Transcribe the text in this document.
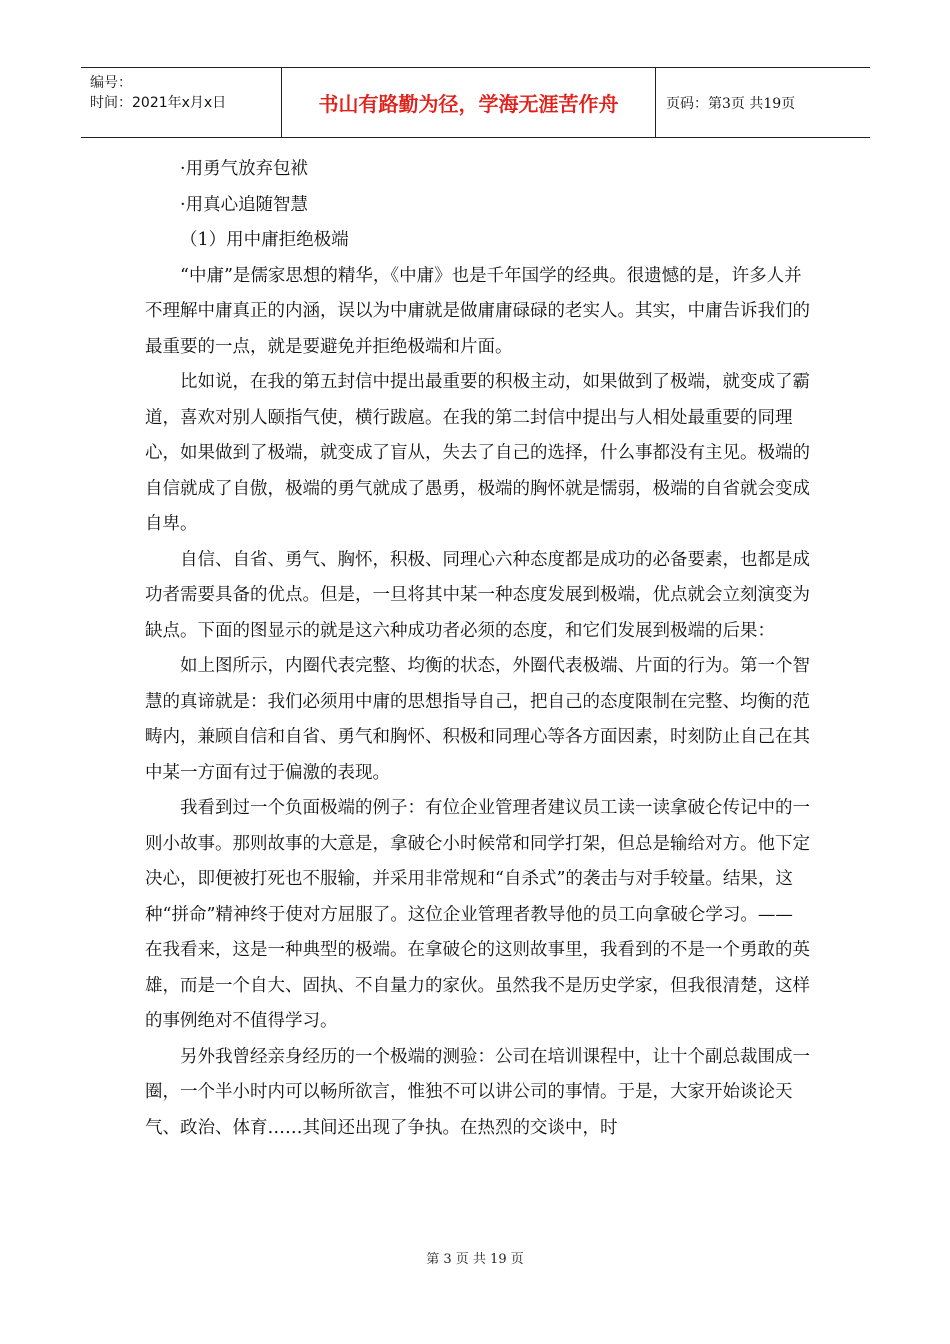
编号：
时间：2021年x月x日	书山有路勤为径，学海无涯苦作舟	页码：第3页 共19页

·用勇气放弃包袱

·用真心追随智慧

（1）用中庸拒绝极端

“中庸”是儒家思想的精华，《中庸》也是千年国学的经典。很遗憾的是，许多人并不理解中庸真正的内涵，误以为中庸就是做庸庸碌碌的老实人。其实，中庸告诉我们的最重要的一点，就是要避免并拒绝极端和片面。

比如说，在我的第五封信中提出最重要的积极主动，如果做到了极端，就变成了霸道，喜欢对别人颐指气使，横行跋扈。在我的第二封信中提出与人相处最重要的同理心，如果做到了极端，就变成了盲从，失去了自己的选择，什么事都没有主见。极端的自信就成了自傲，极端的勇气就成了愚勇，极端的胸怀就是懦弱，极端的自省就会变成自卑。

自信、自省、勇气、胸怀，积极、同理心六种态度都是成功的必备要素，也都是成功者需要具备的优点。但是，一旦将其中某一种态度发展到极端，优点就会立刻演变为缺点。下面的图显示的就是这六种成功者必须的态度，和它们发展到极端的后果：

如上图所示，内圈代表完整、均衡的状态，外圈代表极端、片面的行为。第一个智慧的真谛就是：我们必须用中庸的思想指导自己，把自己的态度限制在完整、均衡的范畴内，兼顾自信和自省、勇气和胸怀、积极和同理心等各方面因素，时刻防止自己在其中某一方面有过于偏激的表现。

我看到过一个负面极端的例子：有位企业管理者建议员工读一读拿破仑传记中的一则小故事。那则故事的大意是，拿破仑小时候常和同学打架，但总是输给对方。他下定决心，即便被打死也不服输，并采用非常规和“自杀式”的袭击与对手较量。结果，这种“拼命”精神终于使对方屈服了。这位企业管理者教导他的员工向拿破仑学习。——在我看来，这是一种典型的极端。在拿破仑的这则故事里，我看到的不是一个勇敢的英雄，而是一个自大、固执、不自量力的家伙。虽然我不是历史学家，但我很清楚，这样的事例绝对不值得学习。

另外我曾经亲身经历的一个极端的测验：公司在培训课程中，让十个副总裁围成一圈，一个半小时内可以畅所欲言，惟独不可以讲公司的事情。于是，大家开始谈论天气、政治、体育……其间还出现了争执。在热烈的交谈中，时

第 3 页 共 19 页
